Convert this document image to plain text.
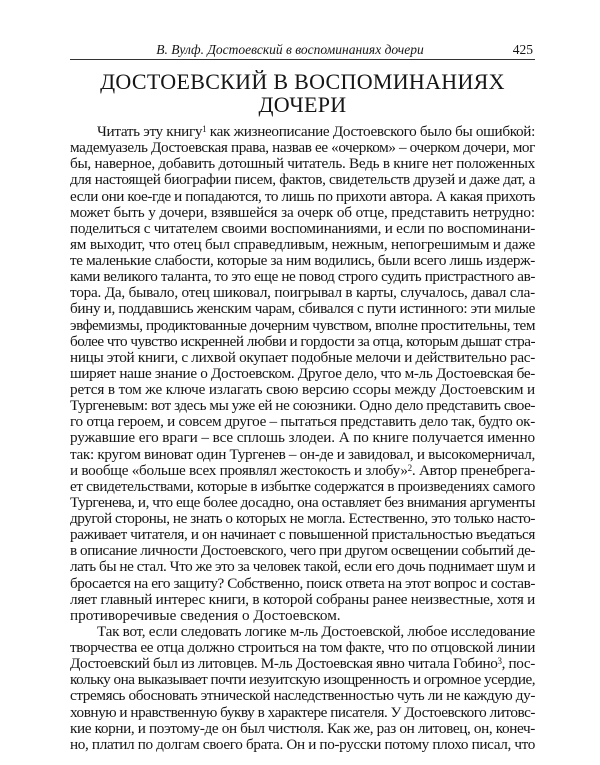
В. Вулф. Достоевский в воспоминаниях дочери	425
ДОСТОЕВСКИЙ В ВОСПОМИНАНИЯХ
ДОЧЕРИ
Читать эту книгу$^1$ как жизнеописание Достоевского было бы ошибкой:
мадемуазель Достоевская права, назвав ее «очерком» – очерком дочери, мог
бы, наверное, добавить дотошный читатель. Ведь в книге нет положенных
для настоящей биографии писем, фактов, свидетельств друзей и даже дат, а
если они кое-где и попадаются, то лишь по прихоти автора. А какая прихоть
может быть у дочери, взявшейся за очерк об отце, представить нетрудно:
поделиться с читателем своими воспоминаниями, и если по воспоминани-
ям выходит, что отец был справедливым, нежным, непогрешимым и даже
те маленькие слабости, которые за ним водились, были всего лишь издерж-
ками великого таланта, то это еще не повод строго судить пристрастного ав-
тора. Да, бывало, отец шиковал, поигрывал в карты, случалось, давал сла-
бину и, поддавшись женским чарам, сбивался с пути истинного: эти милые
эвфемизмы, продиктованные дочерним чувством, вполне простительны, тем
более что чувство искренней любви и гордости за отца, которым дышат стра-
ницы этой книги, с лихвой окупает подобные мелочи и действительно рас-
ширяет наше знание о Достоевском. Другое дело, что м-ль Достоевская бе-
рется в том же ключе излагать свою версию ссоры между Достоевским и
Тургеневым: вот здесь мы уже ей не союзники. Одно дело представить свое-
го отца героем, и совсем другое – пытаться представить дело так, будто ок-
ружавшие его враги – все сплошь злодеи. А по книге получается именно
так: кругом виноват один Тургенев – он-де и завидовал, и высокомерничал,
и вообще «больше всех проявлял жестокость и злобу»$^2$. Автор пренебрега-
ет свидетельствами, которые в избытке содержатся в произведениях самого
Тургенева, и, что еще более досадно, она оставляет без внимания аргументы
другой стороны, не знать о которых не могла. Естественно, это только насто-
раживает читателя, и он начинает с повышенной пристальностью въедаться
в описание личности Достоевского, чего при другом освещении событий де-
лать бы не стал. Что же это за человек такой, если его дочь поднимает шум и
бросается на его защиту? Собственно, поиск ответа на этот вопрос и состав-
ляет главный интерес книги, в которой собраны ранее неизвестные, хотя и
противоречивые сведения о Достоевском.
Так вот, если следовать логике м-ль Достоевской, любое исследование
творчества ее отца должно строиться на том факте, что по отцовской линии
Достоевский был из литовцев. М-ль Достоевская явно читала Гобино$^3$, пос-
кольку она выказывает почти иезуитскую изощренность и огромное усердие,
стремясь обосновать этнической наследственностью чуть ли не каждую ду-
ховную и нравственную букву в характере писателя. У Достоевского литовс-
кие корни, и поэтому-де он был чистюля. Как же, раз он литовец, он, конеч-
но, платил по долгам своего брата. Он и по-русски потому плохо писал, что
